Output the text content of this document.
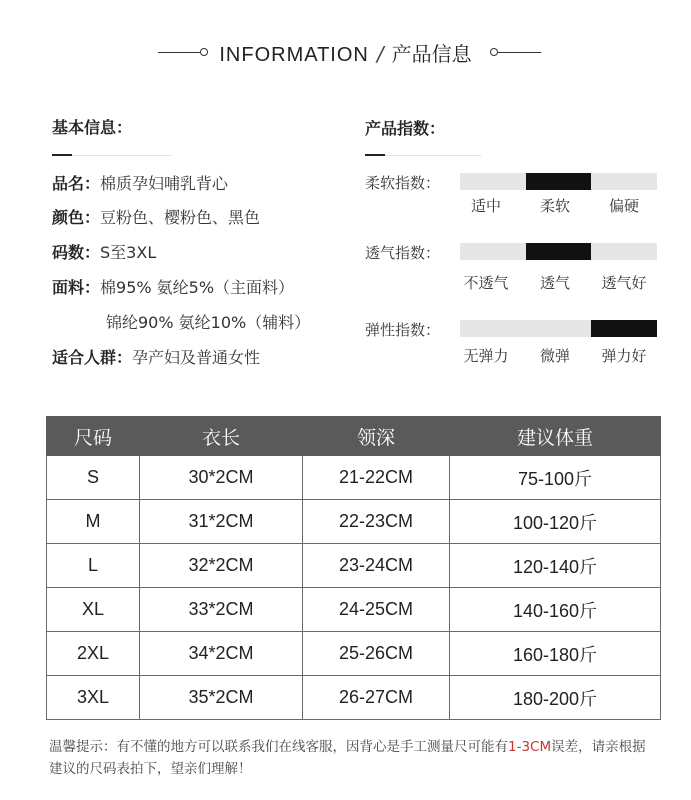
INFORMATION / 产品信息
基本信息：
品名：棉质孕妇哺乳背心
颜色：豆粉色、樱粉色、黑色
码数：S至3XL
面料：棉95% 氨纶5%（主面料）
锦纶90% 氨纶10%（辅料）
适合人群：孕产妇及普通女性
产品指数：
柔软指数：
适中	柔软	偏硬
透气指数：
不透气	透气	透气好
弹性指数：
无弹力	微弹	弹力好
尺码	衣长	领深	建议体重
S	30*2CM	21-22CM	75-100斤
M	31*2CM	22-23CM	100-120斤
L	32*2CM	23-24CM	120-140斤
XL	33*2CM	24-25CM	140-160斤
2XL	34*2CM	25-26CM	160-180斤
3XL	35*2CM	26-27CM	180-200斤
温馨提示：有不懂的地方可以联系我们在线客服，因背心是手工测量尺可能有1-3CM误差，请亲根据建议的尺码表拍下，望亲们理解！
